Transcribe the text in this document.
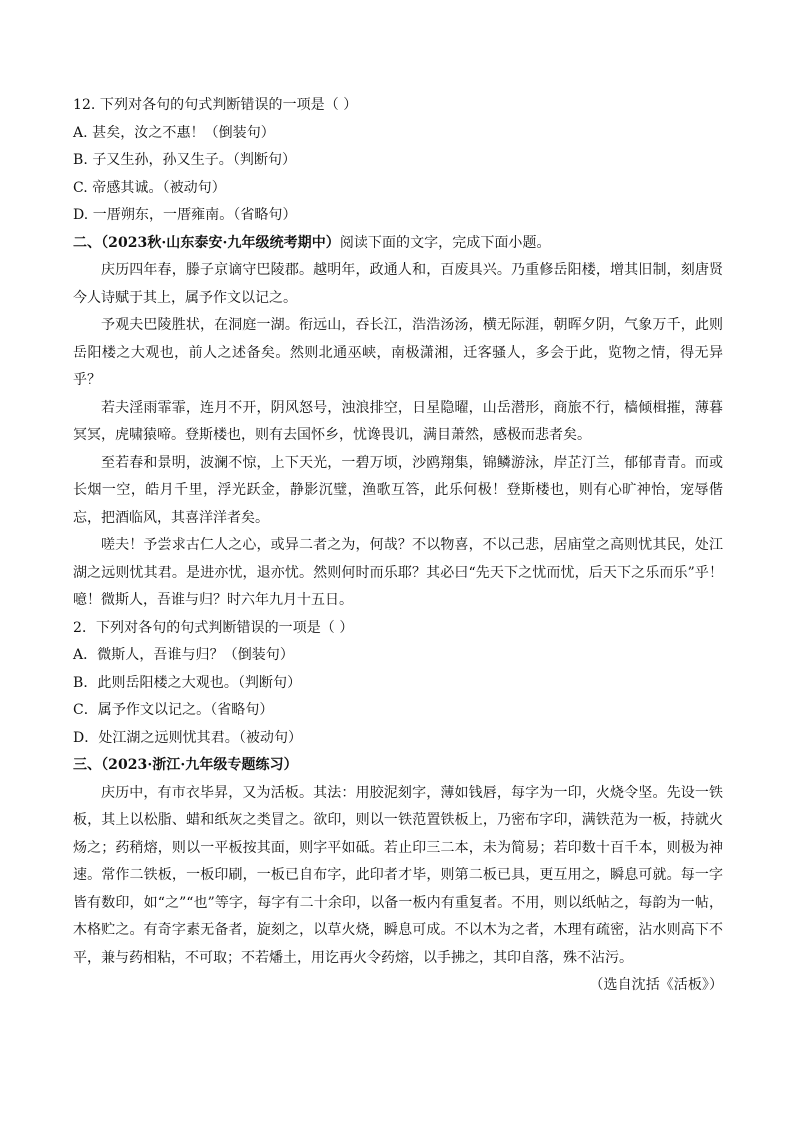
12. 下列对各句的句式判断错误的一项是（ ）
A. 甚矣，汝之不惠！（倒装句）
B. 子又生孙，孙又生子。（判断句）
C. 帝感其诚。（被动句）
D. 一厝朔东，一厝雍南。（省略句）
二、（2023秋·山东泰安·九年级统考期中）阅读下面的文字，完成下面小题。
庆历四年春，滕子京谪守巴陵郡。越明年，政通人和，百废具兴。乃重修岳阳楼，增其旧制，刻唐贤今人诗赋于其上，属予作文以记之。
予观夫巴陵胜状，在洞庭一湖。衔远山，吞长江，浩浩汤汤，横无际涯，朝晖夕阴，气象万千，此则岳阳楼之大观也，前人之述备矣。然则北通巫峡，南极潇湘，迁客骚人，多会于此，览物之情，得无异乎？
若夫淫雨霏霏，连月不开，阴风怒号，浊浪排空，日星隐曜，山岳潜形，商旅不行，樯倾楫摧，薄暮冥冥，虎啸猿啼。登斯楼也，则有去国怀乡，忧谗畏讥，满目萧然，感极而悲者矣。
至若春和景明，波澜不惊，上下天光，一碧万顷，沙鸥翔集，锦鳞游泳，岸芷汀兰，郁郁青青。而或长烟一空，皓月千里，浮光跃金，静影沉璧，渔歌互答，此乐何极！登斯楼也，则有心旷神怡，宠辱偕忘，把酒临风，其喜洋洋者矣。
嗟夫！予尝求古仁人之心，或异二者之为，何哉？不以物喜，不以己悲，居庙堂之高则忧其民，处江湖之远则忧其君。是进亦忧，退亦忧。然则何时而乐耶？其必曰“先天下之忧而忧，后天下之乐而乐”乎！噫！微斯人，吾谁与归？时六年九月十五日。
2．下列对各句的句式判断错误的一项是（ ）
A．微斯人，吾谁与归？（倒装句）
B．此则岳阳楼之大观也。（判断句）
C．属予作文以记之。（省略句）
D．处江湖之远则忧其君。（被动句）
三、（2023·浙江·九年级专题练习）
庆历中，有市衣毕昇，又为活板。其法：用胶泥刻字，薄如钱唇，每字为一印，火烧令坚。先设一铁板，其上以松脂、蜡和纸灰之类冒之。欲印，则以一铁范置铁板上，乃密布字印，满铁范为一板，持就火炀之；药稍熔，则以一平板按其面，则字平如砥。若止印三二本，未为简易；若印数十百千本，则极为神速。常作二铁板，一板印刷，一板已自布字，此印者才毕，则第二板已具，更互用之，瞬息可就。每一字皆有数印，如“之”“也”等字，每字有二十余印，以备一板内有重复者。不用，则以纸帖之，每韵为一帖，木格贮之。有奇字素无备者，旋刻之，以草火烧，瞬息可成。不以木为之者，木理有疏密，沾水则高下不平，兼与药相粘，不可取；不若燔土，用讫再火令药熔，以手拂之，其印自落，殊不沾污。
（选自沈括《活板》）
